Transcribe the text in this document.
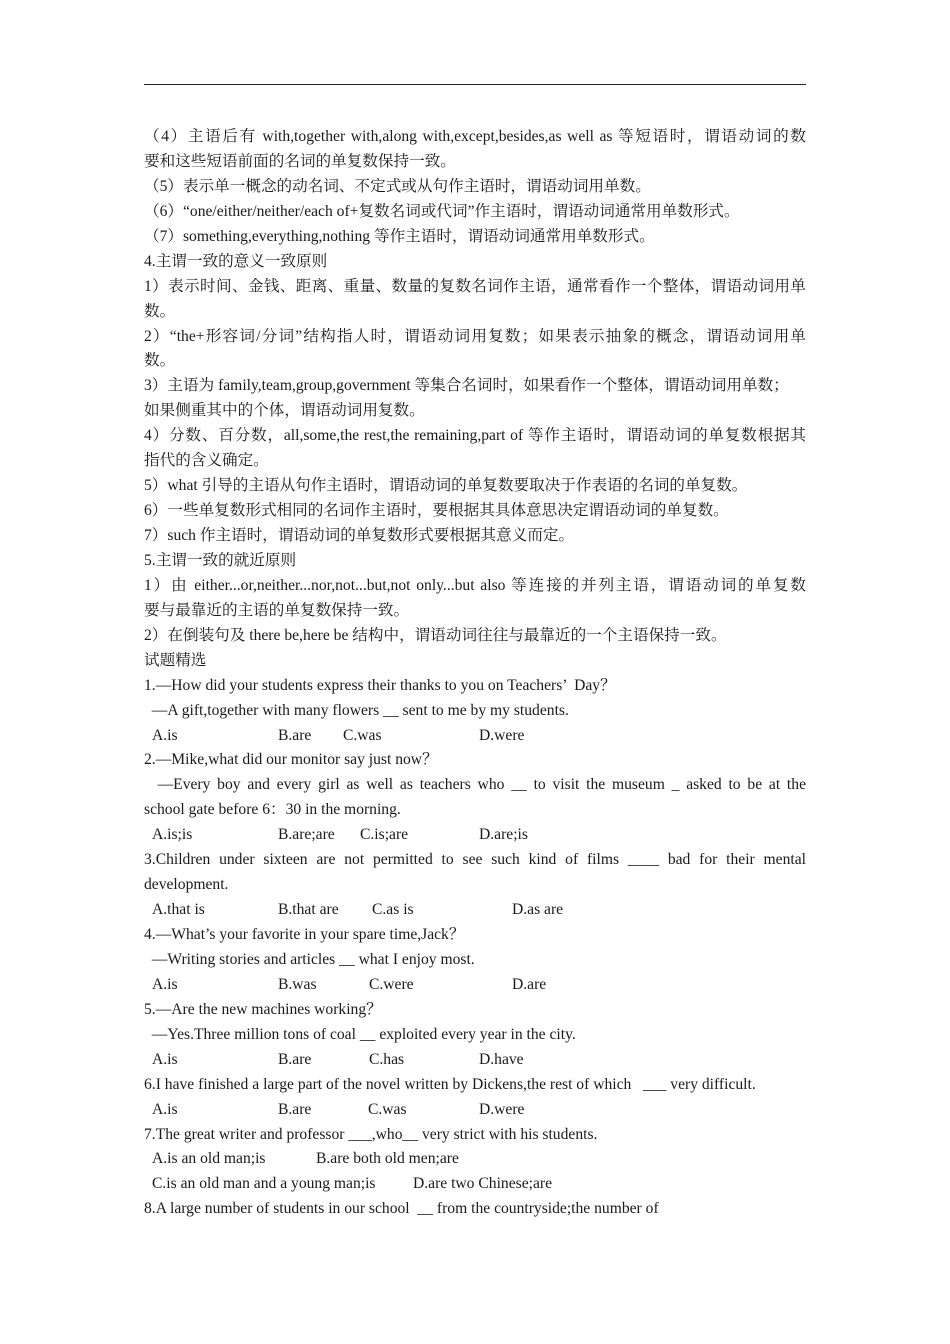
（4）主语后有 with,together with,along with,except,besides,as well as 等短语时，谓语动词的数
要和这些短语前面的名词的单复数保持一致。
（5）表示单一概念的动名词、不定式或从句作主语时，谓语动词用单数。
（6）“one/either/neither/each of+复数名词或代词”作主语时，谓语动词通常用单数形式。
（7）something,everything,nothing 等作主语时，谓语动词通常用单数形式。
4.主谓一致的意义一致原则
1）表示时间、金钱、距离、重量、数量的复数名词作主语，通常看作一个整体，谓语动词用单
数。
2）“the+形容词/分词”结构指人时，谓语动词用复数；如果表示抽象的概念，谓语动词用单
数。
3）主语为 family,team,group,government 等集合名词时，如果看作一个整体，谓语动词用单数；
如果侧重其中的个体，谓语动词用复数。
4）分数、百分数，all,some,the rest,the remaining,part of 等作主语时，谓语动词的单复数根据其
指代的含义确定。
5）what 引导的主语从句作主语时，谓语动词的单复数要取决于作表语的名词的单复数。
6）一些单复数形式相同的名词作主语时，要根据其具体意思决定谓语动词的单复数。
7）such 作主语时，谓语动词的单复数形式要根据其意义而定。
5.主谓一致的就近原则
1）由 either...or,neither...nor,not...but,not only...but also 等连接的并列主语，谓语动词的单复数
要与最靠近的主语的单复数保持一致。
2）在倒装句及 there be,here be 结构中，谓语动词往往与最靠近的一个主语保持一致。
试题精选
1.—How did your students express their thanks to you on Teachers’  Day？
—A gift,together with many flowers __ sent to me by my students.
A.is	B.are	C.was	D.were
2.—Mike,what did our monitor say just now？
—Every boy and every girl as well as teachers who __ to visit the museum _ asked to be at the
school gate before 6：30 in the morning.
A.is;is	B.are;are	C.is;are	D.are;is
3.Children under sixteen are not permitted to see such kind of films ____ bad for their mental
development.
A.that is	B.that are	C.as is	D.as are
4.—What’s your favorite in your spare time,Jack？
—Writing stories and articles __ what I enjoy most.
A.is	B.was	C.were	D.are
5.—Are the new machines working？
—Yes.Three million tons of coal __ exploited every year in the city.
A.is	B.are	C.has	D.have
6.I have finished a large part of the novel written by Dickens,the rest of which   ___ very difficult.
A.is	B.are	C.was	D.were
7.The great writer and professor ___,who__ very strict with his students.
A.is an old man;is	B.are both old men;are
C.is an old man and a young man;is	D.are two Chinese;are
8.A large number of students in our school  __ from the countryside;the number of
